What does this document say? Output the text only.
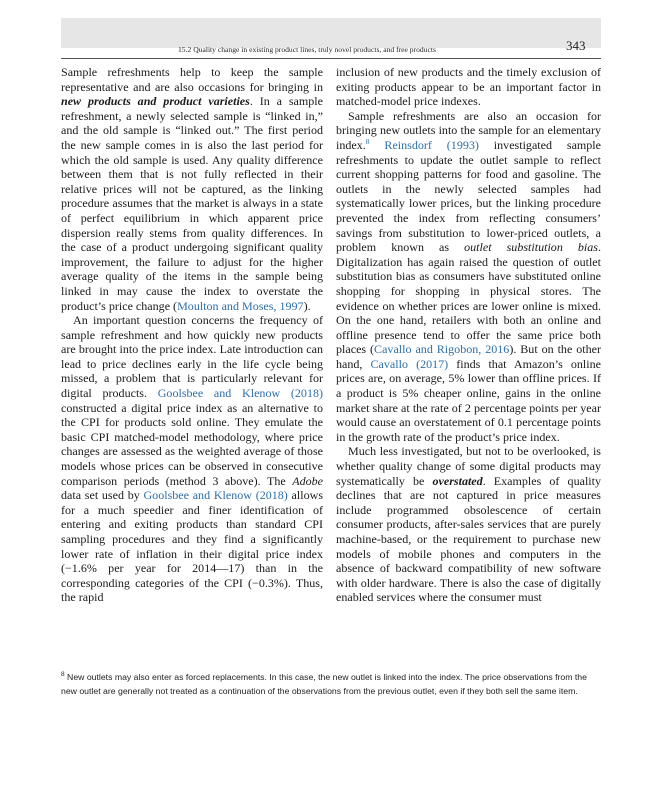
15.2 Quality change in existing product lines, truly novel products, and free products	343

Sample refreshments help to keep the sample representative and are also occasions for bringing in new products and product varieties. In a sample refreshment, a newly selected sample is “linked in,” and the old sample is “linked out.” The first period the new sample comes in is also the last period for which the old sample is used. Any quality difference between them that is not fully reflected in their relative prices will not be captured, as the linking procedure assumes that the market is always in a state of perfect equilibrium in which apparent price dispersion really stems from quality differences. In the case of a product undergoing significant quality improvement, the failure to adjust for the higher average quality of the items in the sample being linked in may cause the index to overstate the product’s price change (Moulton and Moses, 1997).

An important question concerns the frequency of sample refreshment and how quickly new products are brought into the price index. Late introduction can lead to price declines early in the life cycle being missed, a problem that is particularly relevant for digital products. Goolsbee and Klenow (2018) constructed a digital price index as an alternative to the CPI for products sold online. They emulate the basic CPI matched-model methodology, where price changes are assessed as the weighted average of those models whose prices can be observed in consecutive comparison periods (method 3 above). The Adobe data set used by Goolsbee and Klenow (2018) allows for a much speedier and finer identification of entering and exiting products than standard CPI sampling procedures and they find a significantly lower rate of inflation in their digital price index (−1.6% per year for 2014—17) than in the corresponding categories of the CPI (−0.3%). Thus, the rapid

inclusion of new products and the timely exclusion of exiting products appear to be an important factor in matched-model price indexes.

Sample refreshments are also an occasion for bringing new outlets into the sample for an elementary index.$^8$ Reinsdorf (1993) investigated sample refreshments to update the outlet sample to reflect current shopping patterns for food and gasoline. The outlets in the newly selected samples had systematically lower prices, but the linking procedure prevented the index from reflecting consumers’ savings from substitution to lower-priced outlets, a problem known as outlet substitution bias. Digitalization has again raised the question of outlet substitution bias as consumers have substituted online shopping for shopping in physical stores. The evidence on whether prices are lower online is mixed. On the one hand, retailers with both an online and offline presence tend to offer the same price both places (Cavallo and Rigobon, 2016). But on the other hand, Cavallo (2017) finds that Amazon’s online prices are, on average, 5% lower than offline prices. If a product is 5% cheaper online, gains in the online market share at the rate of 2 percentage points per year would cause an overstatement of 0.1 percentage points in the growth rate of the product’s price index.

Much less investigated, but not to be overlooked, is whether quality change of some digital products may systematically be overstated. Examples of quality declines that are not captured in price measures include programmed obsolescence of certain consumer products, after-sales services that are purely machine-based, or the requirement to purchase new models of mobile phones and computers in the absence of backward compatibility of new software with older hardware. There is also the case of digitally enabled services where the consumer must

$^8$ New outlets may also enter as forced replacements. In this case, the new outlet is linked into the index. The price observations from the new outlet are generally not treated as a continuation of the observations from the previous outlet, even if they both sell the same item.
